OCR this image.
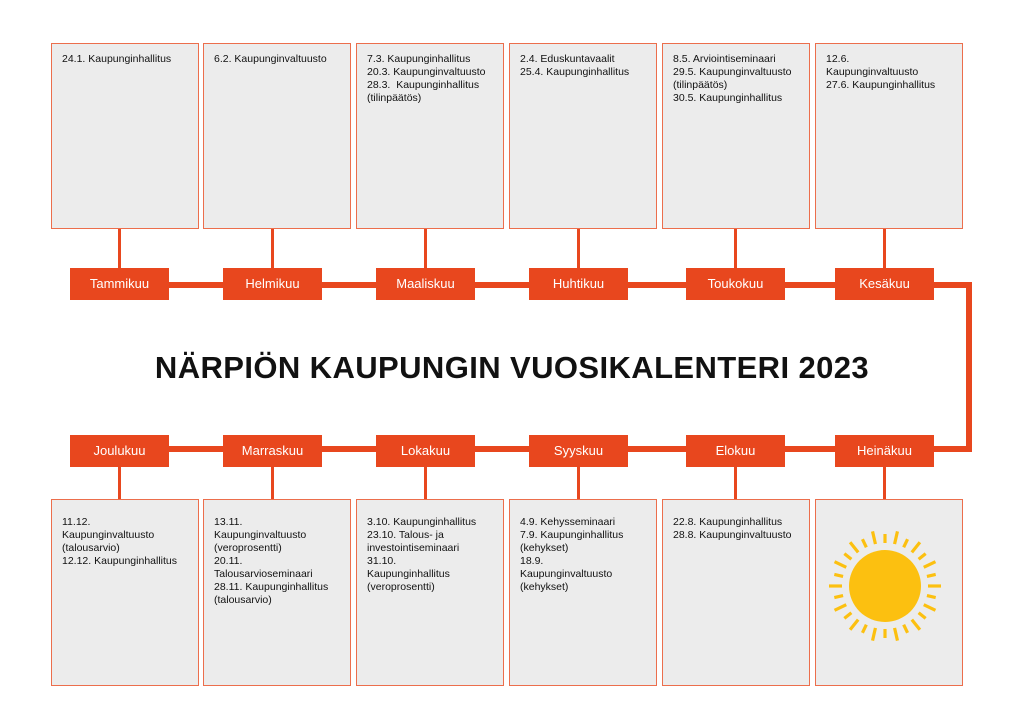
24.1. Kaupunginhallitus	6.2. Kaupunginvaltuusto	7.3. Kaupunginhallitus
20.3. Kaupunginvaltuusto
28.3.  Kaupunginhallitus
(tilinpäätös)
2.4. Eduskuntavaalit
25.4. Kaupunginhallitus
8.5. Arviointiseminaari
29.5. Kaupunginvaltuusto
(tilinpäätös)
30.5. Kaupunginhallitus
12.6.
Kaupunginvaltuusto
27.6. Kaupunginhallitus
Tammikuu	Helmikuu	Maaliskuu	Huhtikuu	Toukokuu	Kesäkuu
NÄRPIÖN KAUPUNGIN VUOSIKALENTERI 2023
Joulukuu	Marraskuu	Lokakuu	Syyskuu	Elokuu	Heinäkuu
11.12.
Kaupunginvaltuusto
(talousarvio)
12.12. Kaupunginhallitus
13.11.
Kaupunginvaltuusto
(veroprosentti)
20.11.
Talousarvioseminaari
28.11. Kaupunginhallitus
(talousarvio)
3.10. Kaupunginhallitus
23.10. Talous- ja
investointiseminaari
31.10.
Kaupunginhallitus
(veroprosentti)
4.9. Kehysseminaari
7.9. Kaupunginhallitus
(kehykset)
18.9.
Kaupunginvaltuusto
(kehykset)
22.8. Kaupunginhallitus
28.8. Kaupunginvaltuusto
